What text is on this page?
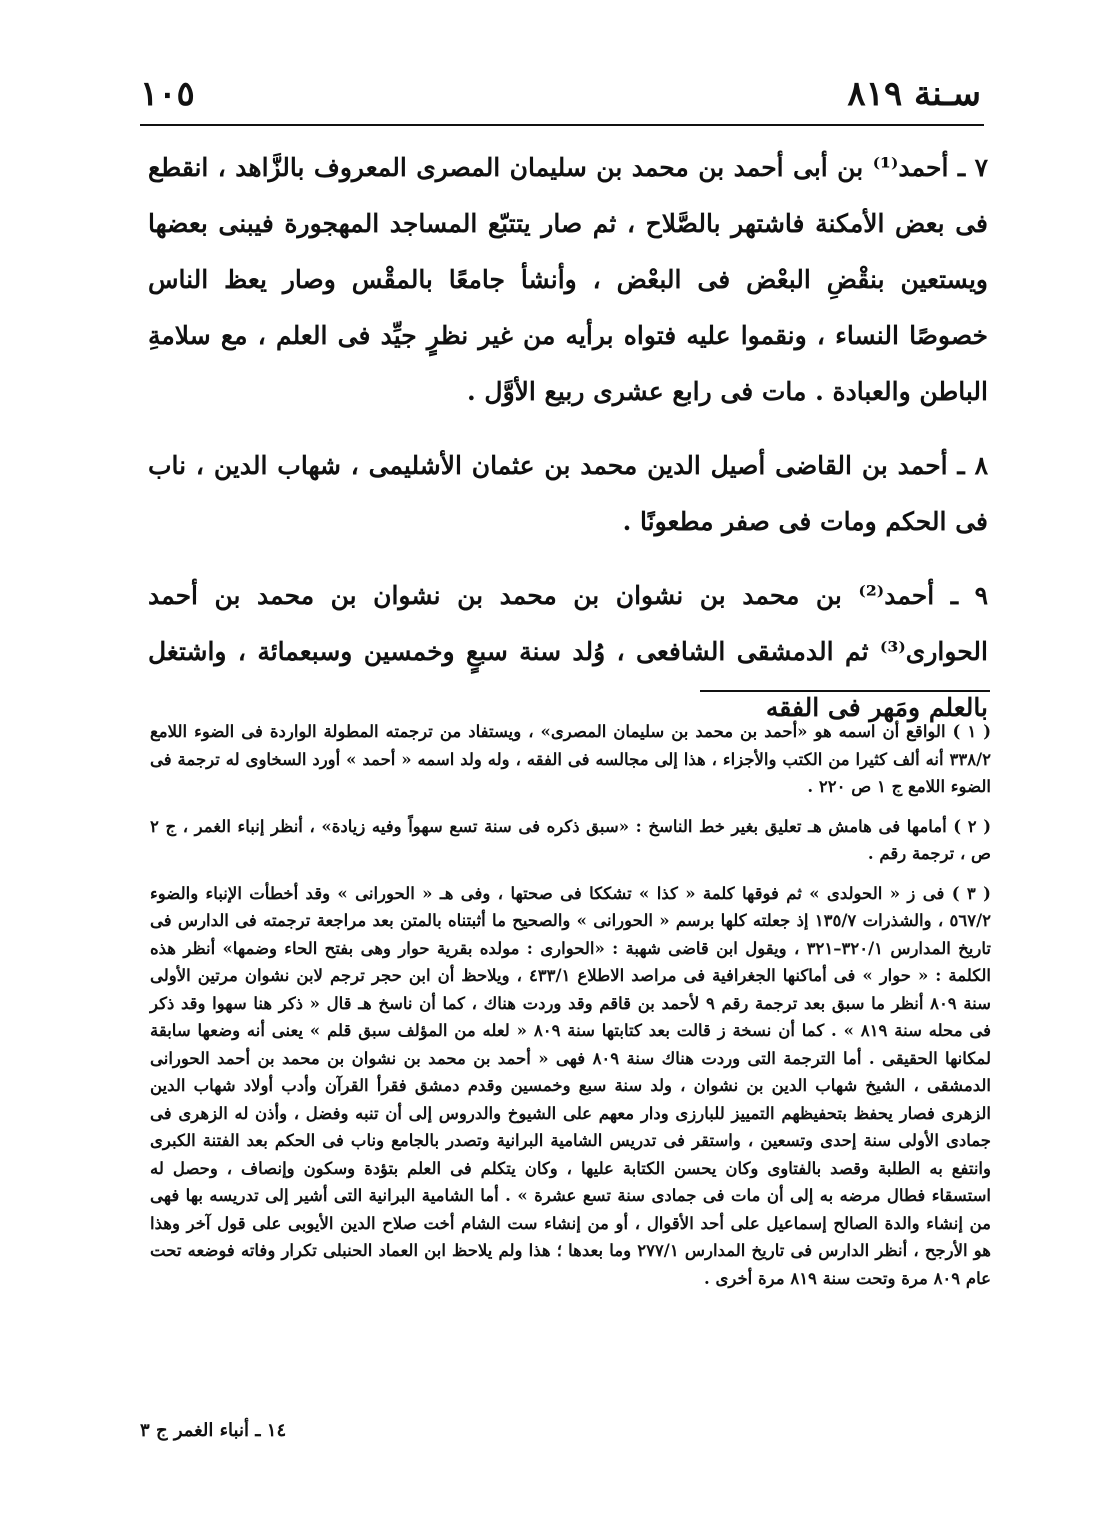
سـنة ٨١٩
١٠٥

٧ ـ أحمد⁽¹⁾ بن أبى أحمد بن محمد بن سليمان المصرى المعروف بالزَّاهد ، انقطع فى بعض الأمكنة فاشتهر بالصَّلاح ، ثم صار يتتبّع المساجد المهجورة فيبنى بعضها ويستعين بنقْضِ البعْض فى البعْض ، وأنشأ جامعًا بالمقْس وصار يعظ الناس خصوصًا النساء ، ونقموا عليه فتواه برأيه من غير نظرٍ جيِّد فى العلم ، مع سلامةِ الباطن والعبادة . مات فى رابع عشرى ربيع الأوَّل .

٨ ـ أحمد بن القاضى أصيل الدين محمد بن عثمان الأشليمى ، شهاب الدين ، ناب فى الحكم ومات فى صفر مطعونًا .

٩ ـ أحمد⁽²⁾ بن محمد بن نشوان بن محمد بن نشوان بن محمد بن أحمد الحوارى⁽³⁾ ثم الدمشقى الشافعى ، وُلد سنة سبعٍ وخمسين وسبعمائة ، واشتغل بالعلم ومَهر فى الفقه

( ١ ) الواقع أن اسمه هو «أحمد بن محمد بن سليمان المصرى» ، ويستفاد من ترجمته المطولة الواردة فى الضوء اللامع ٣٣٨/٢ أنه ألف كثيرا من الكتب والأجزاء ، هذا إلى مجالسه فى الفقه ، وله ولد اسمه « أحمد » أورد السخاوى له ترجمة فى الضوء اللامع ج ١ ص ٢٢٠ .

( ٢ ) أمامها فى هامش هـ تعليق بغير خط الناسخ : «سبق ذكره فى سنة تسع سهواً وفيه زيادة» ، أنظر إنباء الغمر ، ج ٢ ص ، ترجمة رقم .

( ٣ ) فى ز « الحولدى » ثم فوقها كلمة « كذا » تشككا فى صحتها ، وفى هـ « الحورانى » وقد أخطأت الإنباء والضوء ٥٦٧/٢ ، والشذرات ١٣٥/٧ إذ جعلته كلها برسم « الحورانى » والصحيح ما أثبتناه بالمتن بعد مراجعة ترجمته فى الدارس فى تاريخ المدارس ٣٢٠/١–٣٢١ ، ويقول ابن قاضى شهبة : «الحوارى : مولده بقرية حوار وهى بفتح الحاء وضمها» أنظر هذه الكلمة : « حوار » فى أماكنها الجغرافية فى مراصد الاطلاع ٤٣٣/١ ، ويلاحظ أن ابن حجر ترجم لابن نشوان مرتين الأولى سنة ٨٠٩ أنظر ما سبق بعد ترجمة رقم ٩ لأحمد بن قاقم وقد وردت هناك ، كما أن ناسخ هـ قال « ذكر هنا سهوا وقد ذكر فى محله سنة ٨١٩ » . كما أن نسخة ز قالت بعد كتابتها سنة ٨٠٩ « لعله من المؤلف سبق قلم » يعنى أنه وضعها سابقة لمكانها الحقيقى . أما الترجمة التى وردت هناك سنة ٨٠٩ فهى « أحمد بن محمد بن نشوان بن محمد بن أحمد الحورانى الدمشقى ، الشيخ شهاب الدين بن نشوان ، ولد سنة سبع وخمسين وقدم دمشق فقرأ القرآن وأدب أولاد شهاب الدين الزهرى فصار يحفظ بتحفيظهم التمييز للبارزى ودار معهم على الشيوخ والدروس إلى أن تنبه وفضل ، وأذن له الزهرى فى جمادى الأولى سنة إحدى وتسعين ، واستقر فى تدريس الشامية البرانية وتصدر بالجامع وناب فى الحكم بعد الفتنة الكبرى وانتفع به الطلبة وقصد بالفتاوى وكان يحسن الكتابة عليها ، وكان يتكلم فى العلم بتؤدة وسكون وإنصاف ، وحصل له استسقاء فطال مرضه به إلى أن مات فى جمادى سنة تسع عشرة » . أما الشامية البرانية التى أشير إلى تدريسه بها فهى من إنشاء والدة الصالح إسماعيل على أحد الأقوال ، أو من إنشاء ست الشام أخت صلاح الدين الأيوبى على قول آخر وهذا هو الأرجح ، أنظر الدارس فى تاريخ المدارس ٢٧٧/١ وما بعدها ؛ هذا ولم يلاحظ ابن العماد الحنبلى تكرار وفاته فوضعه تحت عام ٨٠٩ مرة وتحت سنة ٨١٩ مرة أخرى .

١٤ ـ أنباء الغمر ج ٣
